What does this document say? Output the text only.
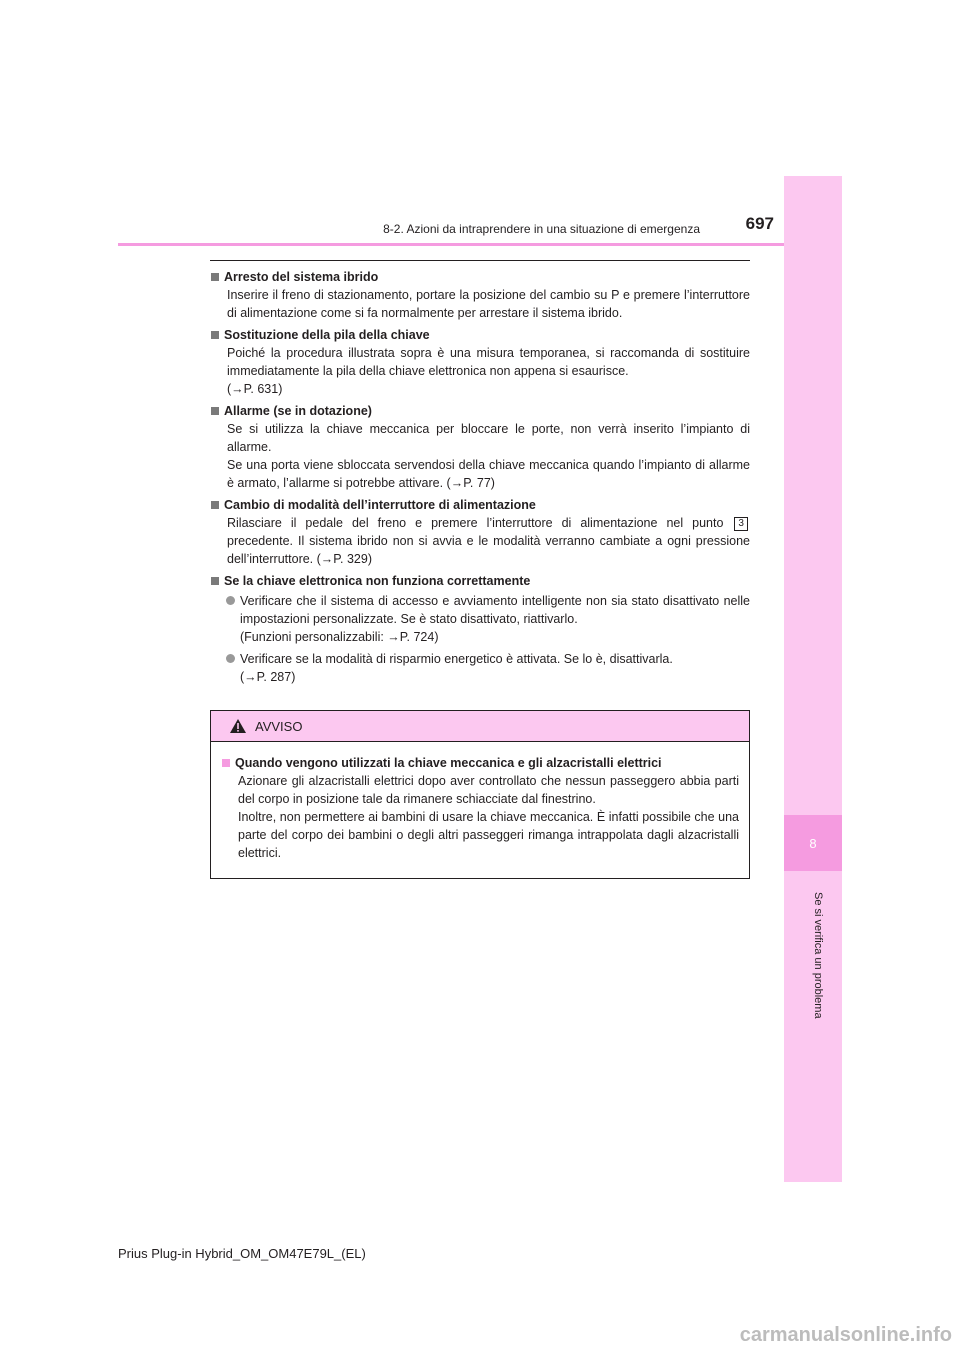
8
Se si verifica un problema
8-2. Azioni da intraprendere in una situazione di emergenza	697
Arresto del sistema ibrido
Inserire il freno di stazionamento, portare la posizione del cambio su P e premere l’interruttore di alimentazione come si fa normalmente per arrestare il sistema ibrido.
Sostituzione della pila della chiave
Poiché la procedura illustrata sopra è una misura temporanea, si raccomanda di sostituire immediatamente la pila della chiave elettronica non appena si esaurisce.
(→P. 631)
Allarme (se in dotazione)
Se si utilizza la chiave meccanica per bloccare le porte, non verrà inserito l’impianto di allarme.
Se una porta viene sbloccata servendosi della chiave meccanica quando l’impianto di allarme è armato, l’allarme si potrebbe attivare. (→P. 77)
Cambio di modalità dell’interruttore di alimentazione
Rilasciare il pedale del freno e premere l’interruttore di alimentazione nel punto 3 precedente. Il sistema ibrido non si avvia e le modalità verranno cambiate a ogni pressione dell’interruttore. (→P. 329)
Se la chiave elettronica non funziona correttamente
Verificare che il sistema di accesso e avviamento intelligente non sia stato disattivato nelle impostazioni personalizzate. Se è stato disattivato, riattivarlo.
(Funzioni personalizzabili: →P. 724)
Verificare se la modalità di risparmio energetico è attivata. Se lo è, disattivarla.
(→P. 287)
AVVISO
Quando vengono utilizzati la chiave meccanica e gli alzacristalli elettrici
Azionare gli alzacristalli elettrici dopo aver controllato che nessun passeggero abbia parti del corpo in posizione tale da rimanere schiacciate dal finestrino.
Inoltre, non permettere ai bambini di usare la chiave meccanica. È infatti possibile che una parte del corpo dei bambini o degli altri passeggeri rimanga intrappolata dagli alzacristalli elettrici.
Prius Plug-in Hybrid_OM_OM47E79L_(EL)
carmanualsonline.info
